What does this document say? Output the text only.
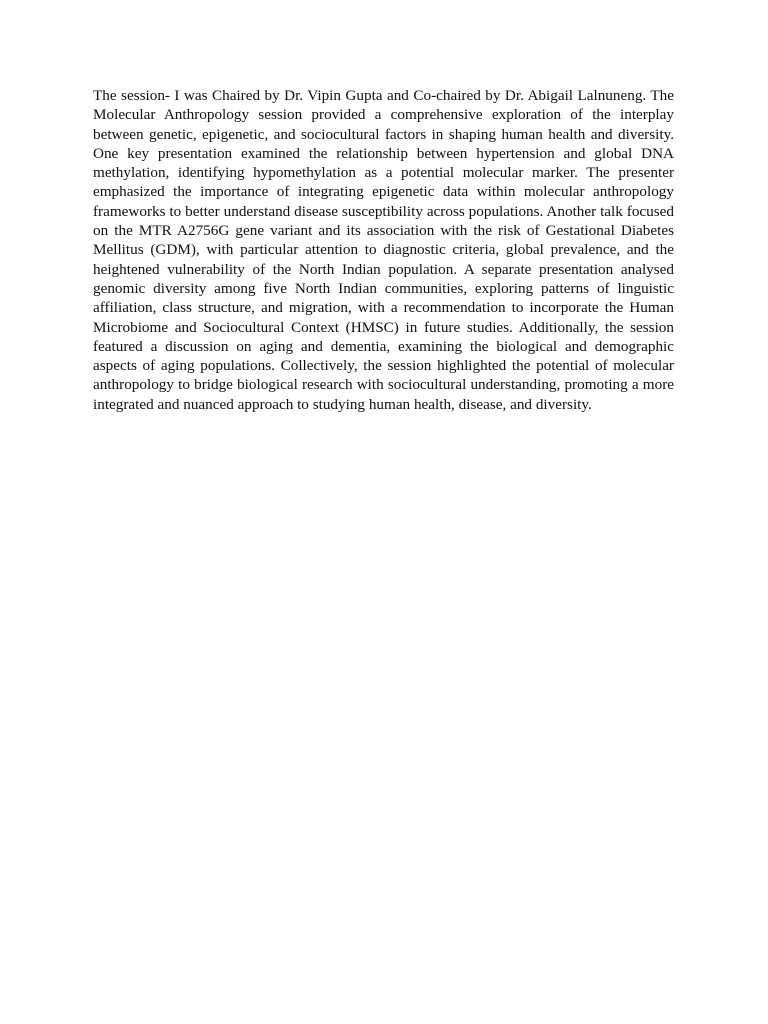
The session- I was Chaired by Dr. Vipin Gupta and Co-chaired by Dr. Abigail Lalnuneng. The Molecular Anthropology session provided a comprehensive exploration of the interplay between genetic, epigenetic, and sociocultural factors in shaping human health and diversity. One key presentation examined the relationship between hypertension and global DNA methylation, identifying hypomethylation as a potential molecular marker. The presenter emphasized the importance of integrating epigenetic data within molecular anthropology frameworks to better understand disease susceptibility across populations. Another talk focused on the MTR A2756G gene variant and its association with the risk of Gestational Diabetes Mellitus (GDM), with particular attention to diagnostic criteria, global prevalence, and the heightened vulnerability of the North Indian population. A separate presentation analysed genomic diversity among five North Indian communities, exploring patterns of linguistic affiliation, class structure, and migration, with a recommendation to incorporate the Human Microbiome and Sociocultural Context (HMSC) in future studies. Additionally, the session featured a discussion on aging and dementia, examining the biological and demographic aspects of aging populations. Collectively, the session highlighted the potential of molecular anthropology to bridge biological research with sociocultural understanding, promoting a more integrated and nuanced approach to studying human health, disease, and diversity.
